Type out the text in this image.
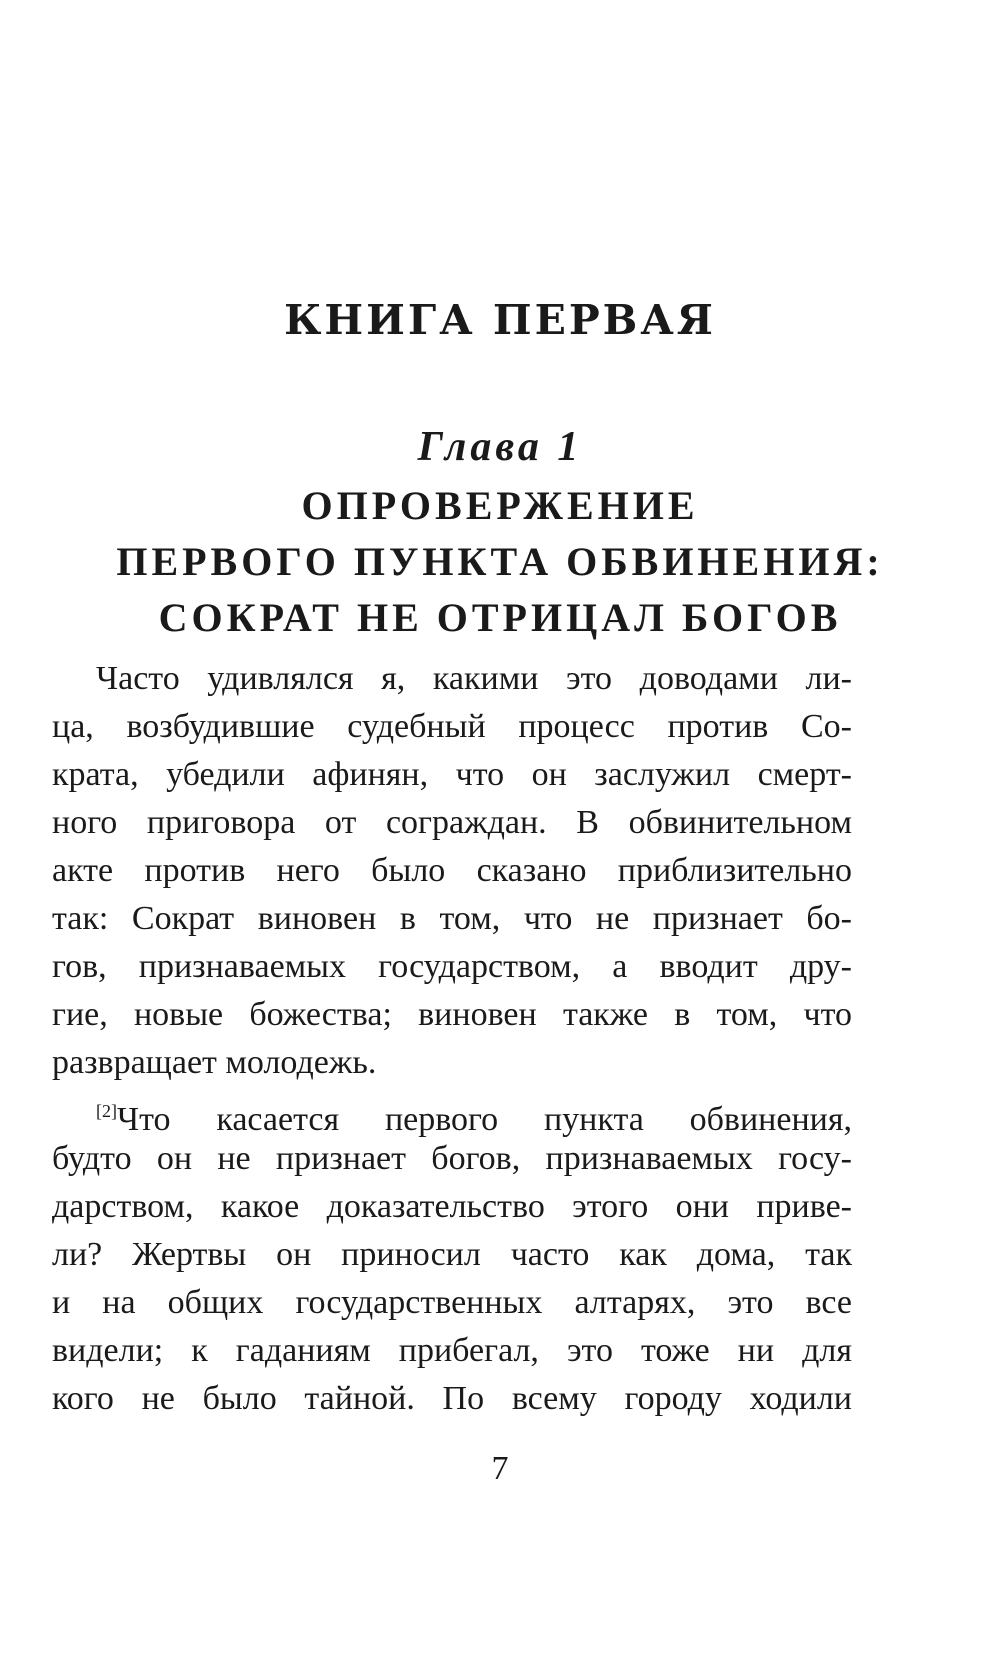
КНИГА ПЕРВАЯ
Глава 1
ОПРОВЕРЖЕНИЕ
ПЕРВОГО ПУНКТА ОБВИНЕНИЯ:
СОКРАТ НЕ ОТРИЦАЛ БОГОВ

Часто удивлялся я, какими это доводами ли-
ца, возбудившие судебный процесс против Со-
крата, убедили афинян, что он заслужил смерт-
ного приговора от сограждан. В обвинительном
акте против него было сказано приблизительно
так: Сократ виновен в том, что не признает бо-
гов, признаваемых государством, а вводит дру-
гие, новые божества; виновен также в том, что
развращает молодежь.

[2]Что касается первого пункта обвинения,
будто он не признает богов, признаваемых госу-
дарством, какое доказательство этого они приве-
ли? Жертвы он приносил часто как дома, так
и на общих государственных алтарях, это все
видели; к гаданиям прибегал, это тоже ни для
кого не было тайной. По всему городу ходили

7
